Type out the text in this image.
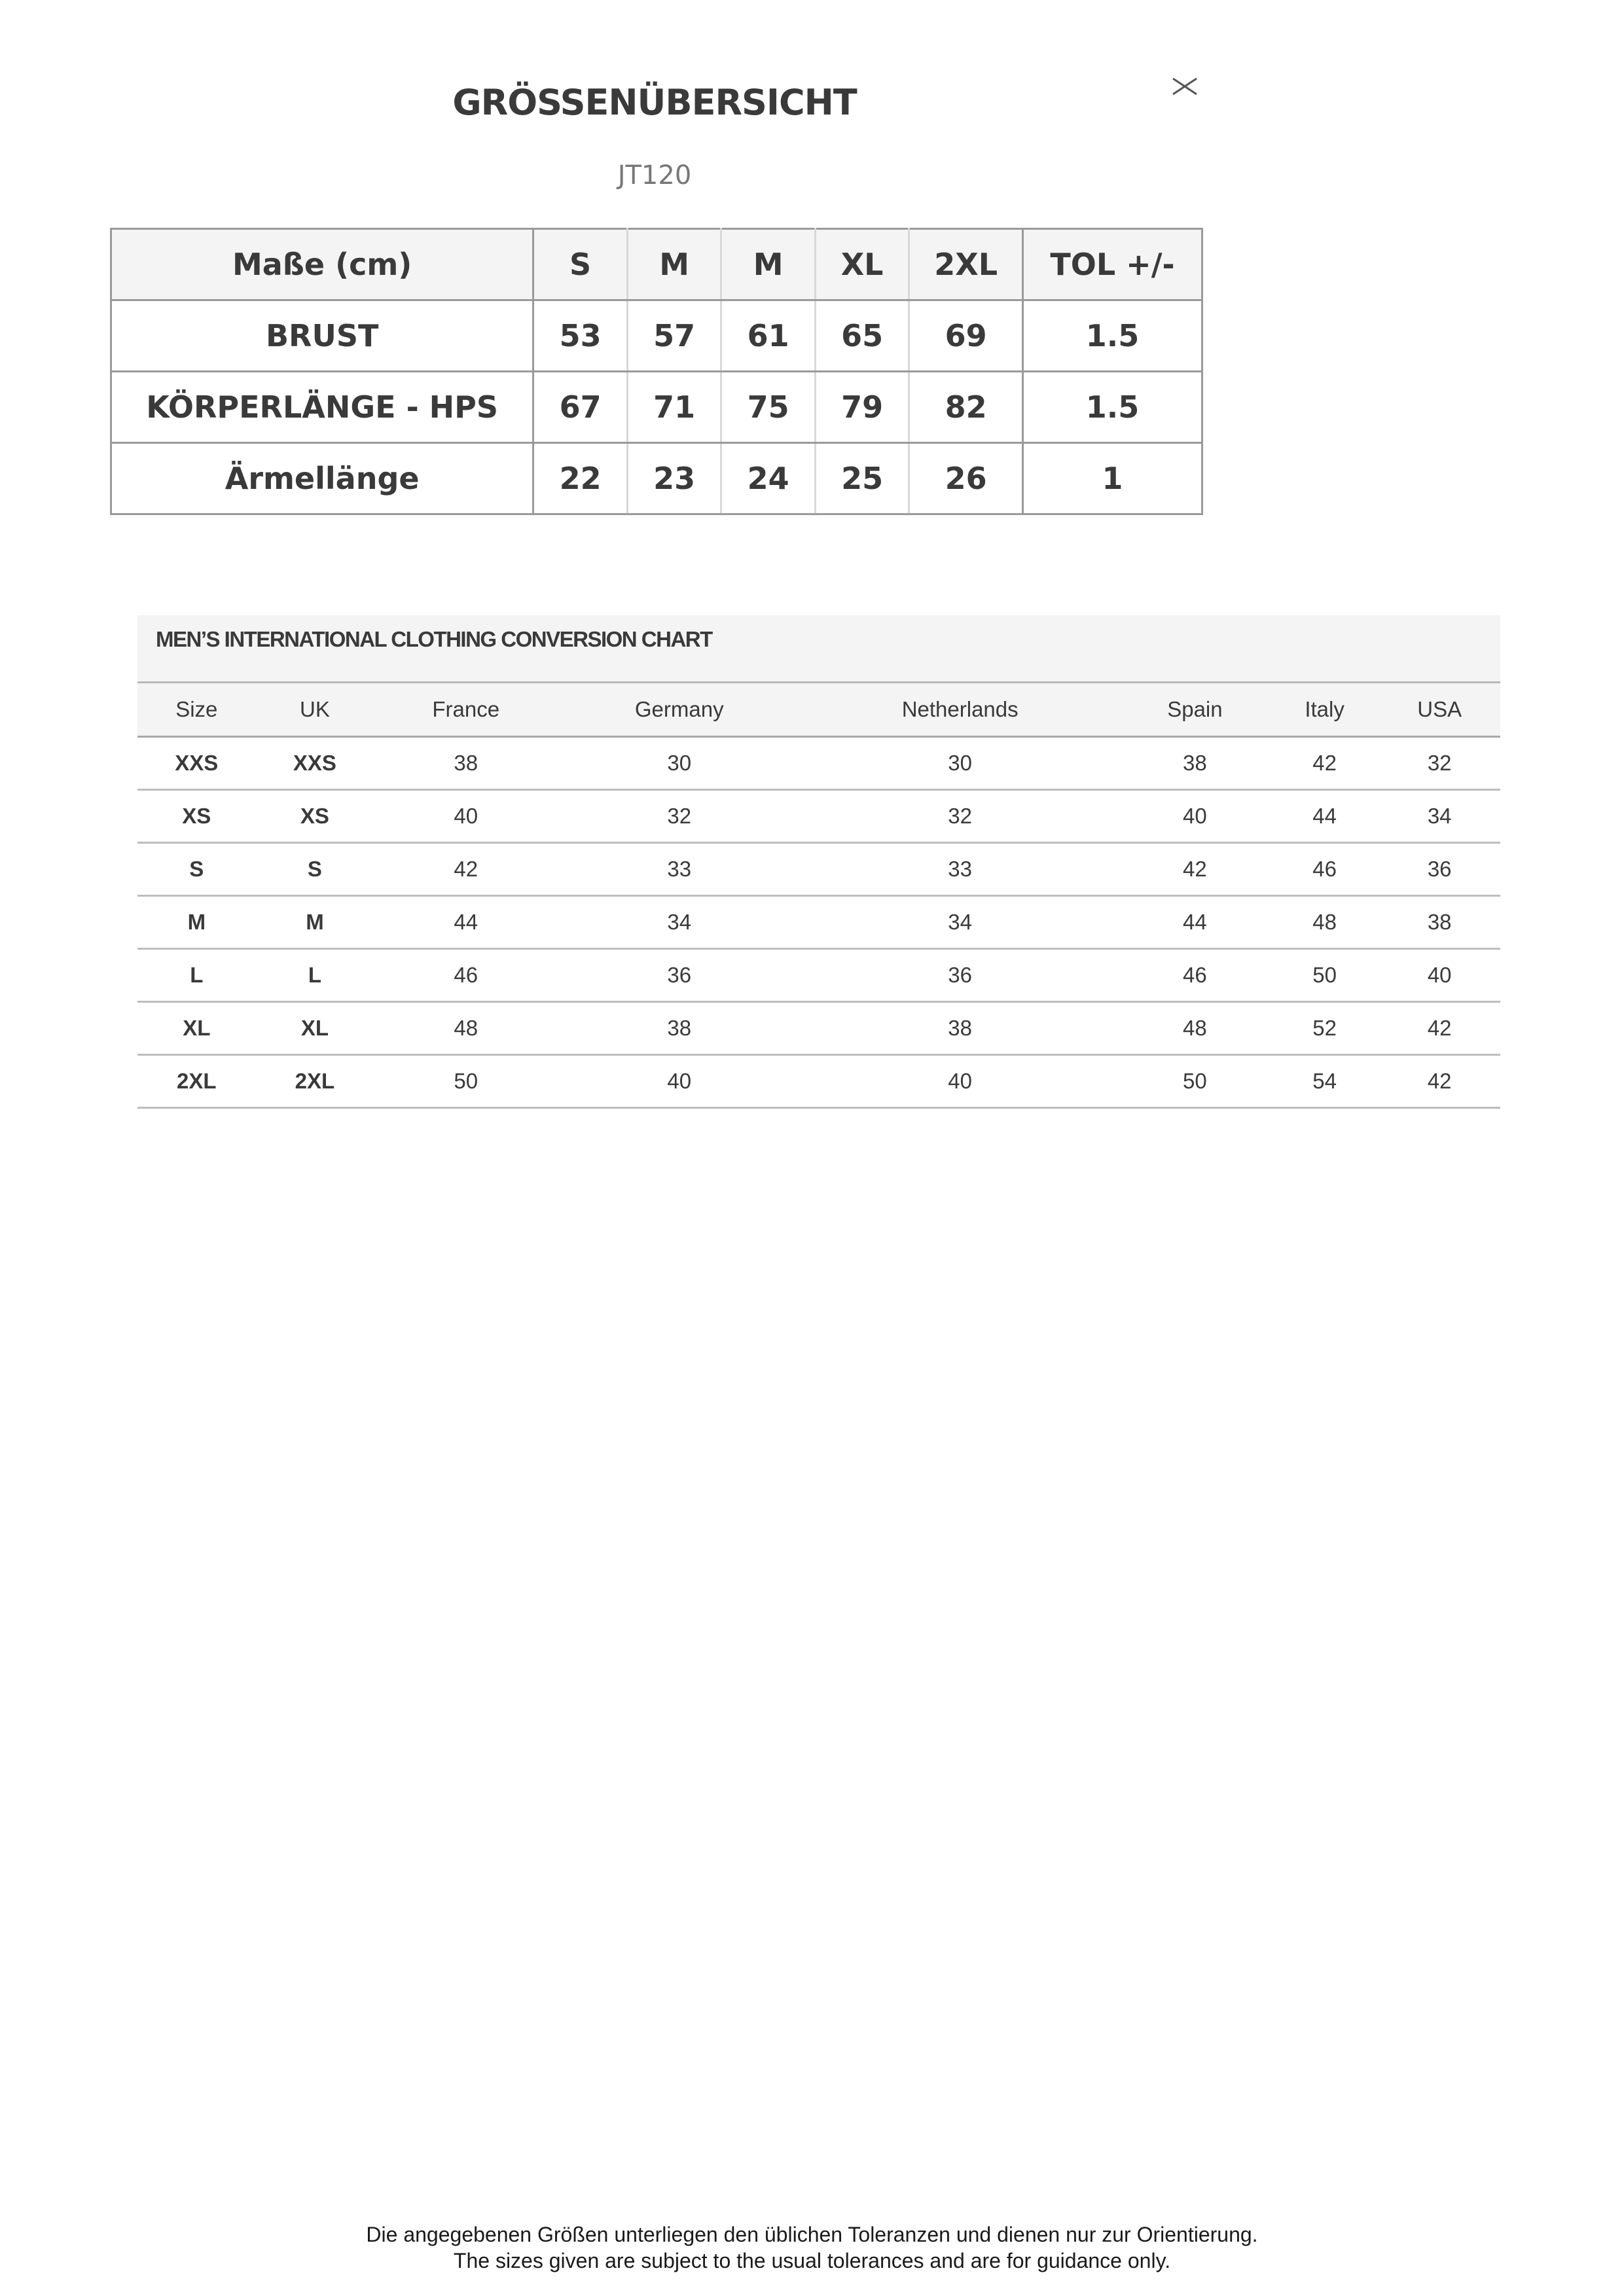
GRÖSSENÜBERSICHT
JT120
Maße (cm)	S	M	M	XL	2XL	TOL +/-
BRUST	53	57	61	65	69	1.5
KÖRPERLÄNGE - HPS	67	71	75	79	82	1.5
Ärmellänge	22	23	24	25	26	1
MEN’S INTERNATIONAL CLOTHING CONVERSION CHART
Size	UK	France	Germany	Netherlands	Spain	Italy	USA
XXS	XXS	38	30	30	38	42	32
XS	XS	40	32	32	40	44	34
S	S	42	33	33	42	46	36
M	M	44	34	34	44	48	38
L	L	46	36	36	46	50	40
XL	XL	48	38	38	48	52	42
2XL	2XL	50	40	40	50	54	42
Die angegebenen Größen unterliegen den üblichen Toleranzen und dienen nur zur Orientierung.
The sizes given are subject to the usual tolerances and are for guidance only.
